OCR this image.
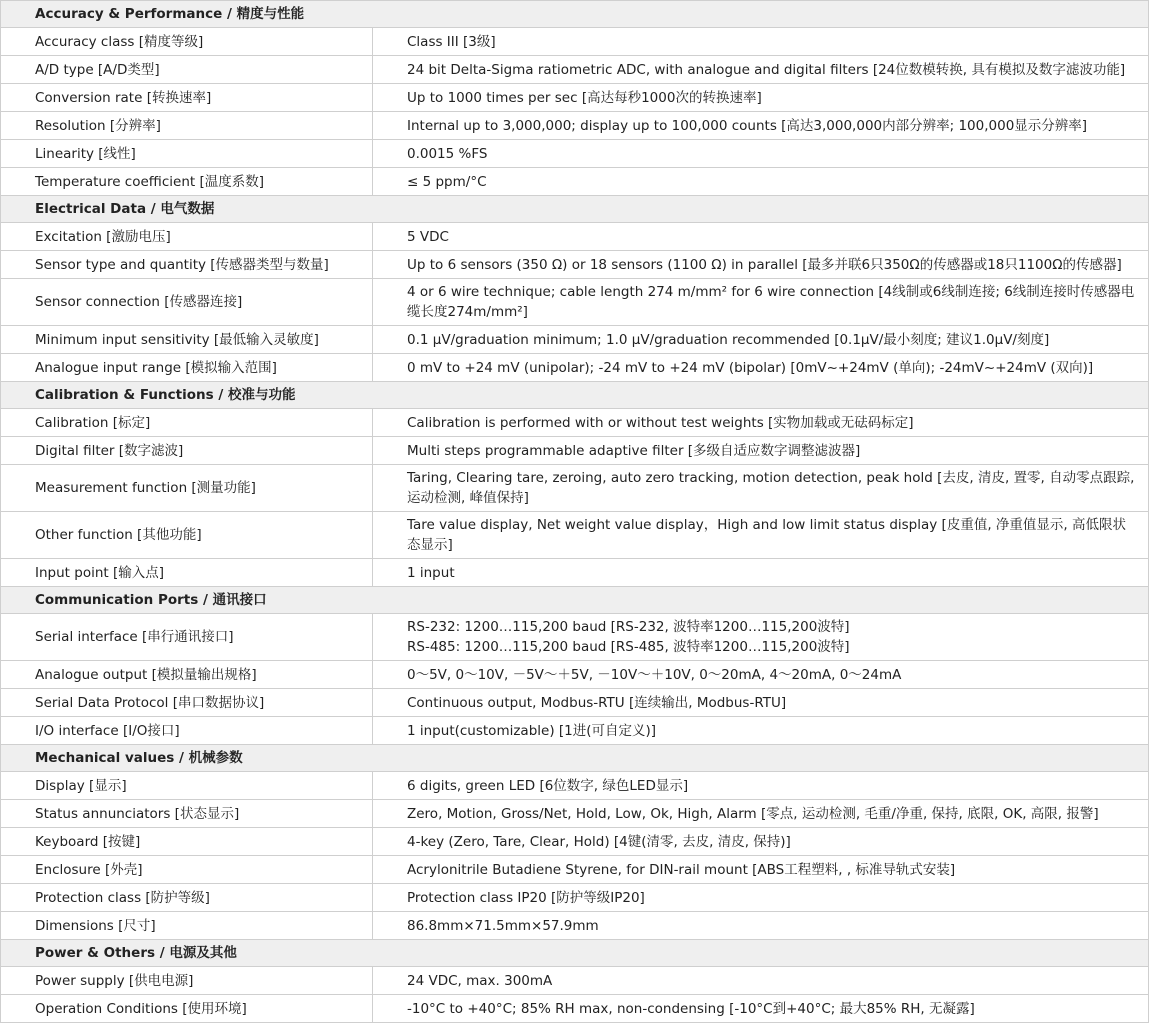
Accuracy & Performance / 精度与性能	
Accuracy class [精度等级]	Class III [3级]
A/D type [A/D类型]	24 bit Delta-Sigma ratiometric ADC, with analogue and digital filters [24位数模转换, 具有模拟及数字滤波功能]
Conversion rate [转换速率]	Up to 1000 times per sec [高达每秒1000次的转换速率]
Resolution [分辨率]	Internal up to 3,000,000; display up to 100,000 counts [高达3,000,000内部分辨率; 100,000显示分辨率]
Linearity [线性]	0.0015 %FS
Temperature coefficient [温度系数]	≤ 5 ppm/°C
Electrical Data / 电气数据	
Excitation [激励电压]	5 VDC
Sensor type and quantity [传感器类型与数量]	Up to 6 sensors (350 Ω) or 18 sensors (1100 Ω) in parallel [最多并联6只350Ω的传感器或18只1100Ω的传感器]
Sensor connection [传感器连接]	4 or 6 wire technique; cable length 274 m/mm² for 6 wire connection [4线制或6线制连接; 6线制连接时传感器电缆长度274m/mm²]
Minimum input sensitivity [最低输入灵敏度]	0.1 μV/graduation minimum; 1.0 μV/graduation recommended [0.1μV/最小刻度; 建议1.0μV/刻度]
Analogue input range [模拟输入范围]	0 mV to +24 mV (unipolar); -24 mV to +24 mV (bipolar) [0mV~+24mV (单向); -24mV~+24mV (双向)]
Calibration & Functions / 校准与功能	
Calibration [标定]	Calibration is performed with or without test weights [实物加载或无砝码标定]
Digital filter [数字滤波]	Multi steps programmable adaptive filter [多级自适应数字调整滤波器]
Measurement function [测量功能]	Taring, Clearing tare, zeroing, auto zero tracking, motion detection, peak hold [去皮, 清皮, 置零, 自动零点跟踪, 运动检测, 峰值保持]
Other function [其他功能]	Tare value display, Net weight value display，High and low limit status display [皮重值, 净重值显示, 高低限状态显示]
Input point [输入点]	1 input
Communication Ports / 通讯接口	
Serial interface [串行通讯接口]	RS-232: 1200…115,200 baud [RS-232, 波特率1200…115,200波特]
RS-485: 1200…115,200 baud [RS-485, 波特率1200…115,200波特]

Analogue output [模拟量输出规格]	0～5V, 0～10V, －5V～＋5V, －10V～＋10V, 0～20mA, 4～20mA, 0～24mA
Serial Data Protocol [串口数据协议]	Continuous output, Modbus-RTU [连续输出, Modbus-RTU]
I/O interface [I/O接口]	1 input(customizable) [1进(可自定义)]
Mechanical values / 机械参数	
Display [显示]	6 digits, green LED [6位数字, 绿色LED显示]
Status annunciators [状态显示]	Zero, Motion, Gross/Net, Hold, Low, Ok, High, Alarm [零点, 运动检测, 毛重/净重, 保持, 底限, OK, 高限, 报警]
Keyboard [按键]	4-key (Zero, Tare, Clear, Hold) [4键(清零, 去皮, 清皮, 保持)]
Enclosure [外壳]	Acrylonitrile Butadiene Styrene, for DIN-rail mount [ABS工程塑料, , 标准导轨式安装]
Protection class [防护等级]	Protection class IP20 [防护等级IP20]
Dimensions [尺寸]	86.8mm×71.5mm×57.9mm
Power & Others / 电源及其他	
Power supply [供电电源]	24 VDC, max. 300mA
Operation Conditions [使用环境]	-10°C to +40°C; 85% RH max, non-condensing [-10°C到+40°C; 最大85% RH, 无凝露]
